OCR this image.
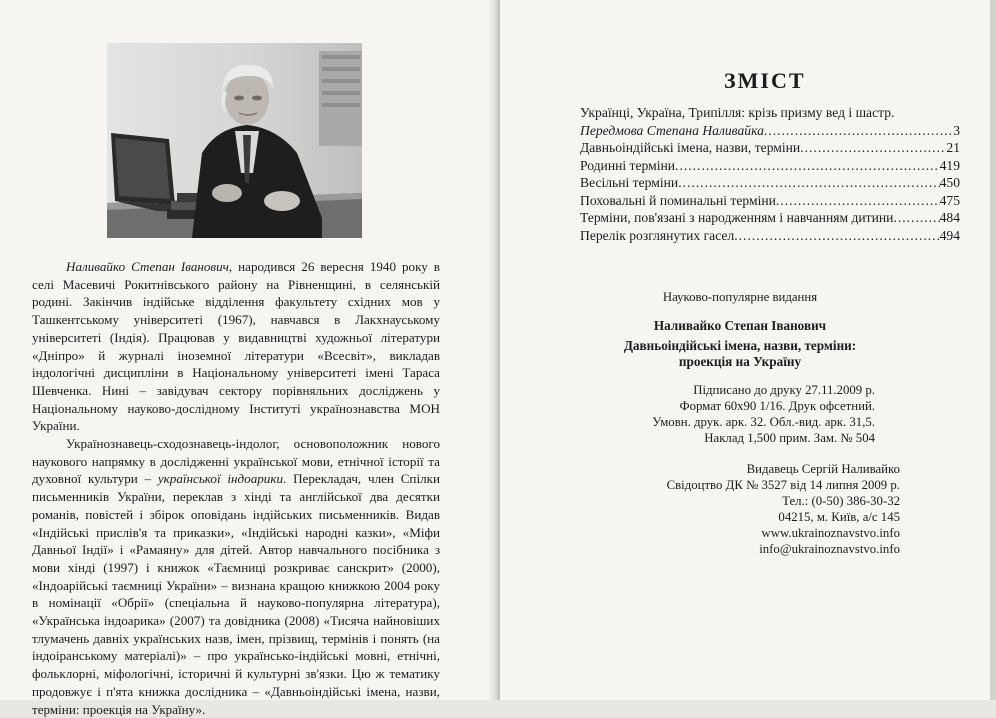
Наливайко Степан Іванович, народився 26 вересня 1940 року в селі Масевичі Рокитнівського району на Рівненщині, в селянській родині. Закінчив індійське відділення факультету східних мов у Ташкентському університеті (1967), навчався в Лакхнауському університеті (Індія). Працював у видавництві художньої літератури «Дніпро» й журналі іноземної літератури «Всесвіт», викладав індологічні дисципліни в Національному університеті імені Тараса Шевченка. Нині – завідувач сектору порівняльних досліджень у Національному науково-дослідному Інституті українознавства МОН України.

Українознавець-сходознавець-індолог, основоположник нового наукового напрямку в дослідженні української мови, етнічної історії та духовної культури – української індоарики. Перекладач, член Спілки письменників України, переклав з хінді та англійської два десятки романів, повістей і збірок оповідань індійських письменників. Видав «Індійські прислів'я та приказки», «Індійські народні казки», «Міфи Давньої Індії» і «Рамаяну» для дітей. Автор навчального посібника з мови хінді (1997) і книжок «Таємниці розкриває санскрит» (2000), «Індоарійські таємниці України» – визнана кращою книжкою 2004 року в номінації «Обрії» (спеціальна й науково-популярна література), «Українська індоарика» (2007) та довідника (2008) «Тисяча найновіших тлумачень давніх українських назв, імен, прізвищ, термінів і понять (на індоіранському матеріалі)» – про українсько-індійські мовні, етнічні, фольклорні, міфологічні, історичні й культурні зв'язки. Цю ж тематику продовжує і п'ята книжка дослідника – «Давньоіндійські імена, назви, терміни: проекція на Україну».

ЗМІСТ
Українці, Україна, Трипілля: крізь призму вед і шастр.
Передмова Степана Наливайка .....	3
Давньоіндійські імена, назви, терміни .....	21
Родинні терміни .....	419
Весільні терміни .....	450
Поховальні й поминальні терміни .....	475
Терміни, пов'язані з народженням і навчанням дитини .....	484
Перелік розглянутих гасел .....	494
Науково-популярне видання
Наливайко Степан Іванович
Давньоіндійські імена, назви, терміни:
проекція на Україну
Підписано до друку 27.11.2009 р.
Формат 60х90 1/16. Друк офсетний.
Умовн. друк. арк. 32. Обл.-вид. арк. 31,5.
Наклад 1,500 прим. Зам. № 504
Видавець Сергій Наливайко
Свідоцтво ДК № 3527 від 14 липня 2009 р.
Тел.: (0-50) 386-30-32
04215, м. Київ, а/с 145
www.ukrainoznavstvo.info
info@ukrainoznavstvo.info
